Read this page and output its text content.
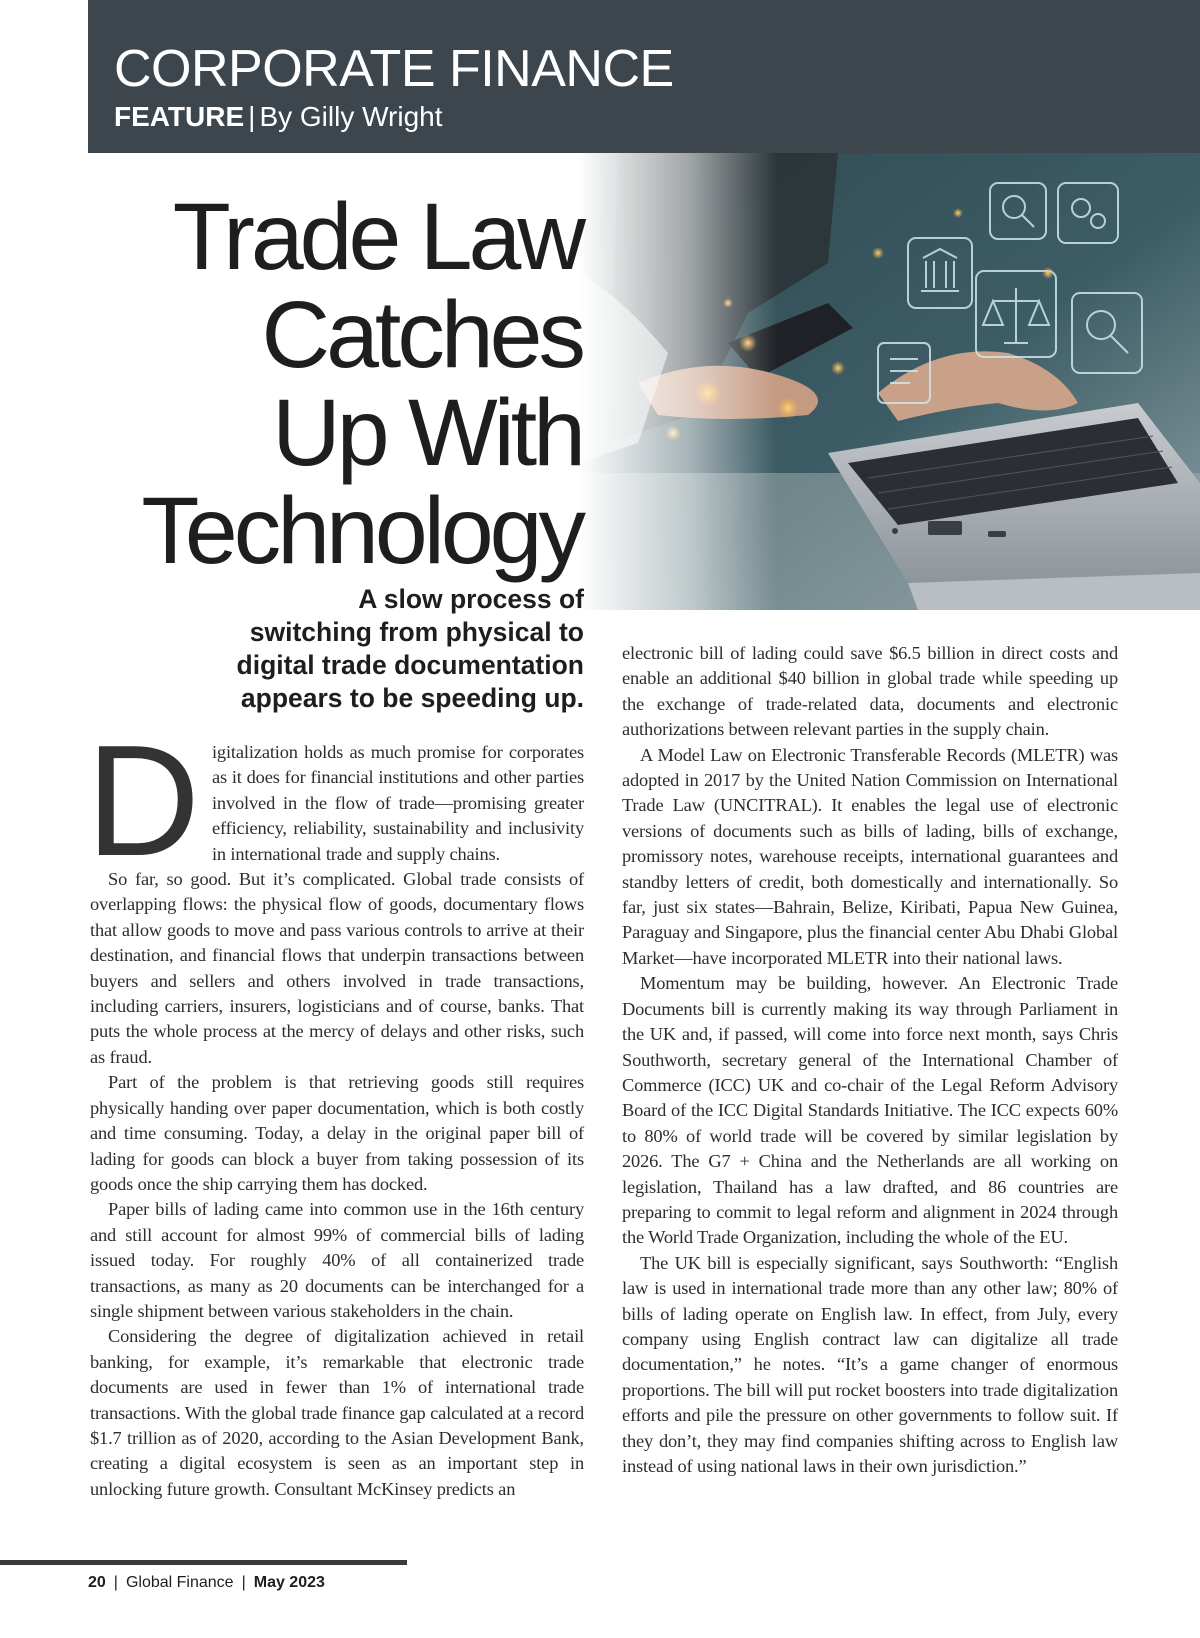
CORPORATE FINANCE
FEATURE | By Gilly Wright
Trade Law
Catches
Up With
Technology

A slow process of
switching from physical to
digital trade documentation
appears to be speeding up.

D igitalization holds as much promise for corporates as it does for financial institutions and other parties involved in the flow of trade—promising greater efficiency, reliability, sustainability and inclusivity in international trade and supply chains.

So far, so good. But it’s complicated. Global trade consists of overlapping flows: the physical flow of goods, documentary flows that allow goods to move and pass various controls to arrive at their destination, and financial flows that underpin transactions between buyers and sellers and others involved in trade transactions, including carriers, insurers, logisticians and of course, banks. That puts the whole process at the mercy of delays and other risks, such as fraud.

Part of the problem is that retrieving goods still requires physically handing over paper documentation, which is both costly and time consuming. Today, a delay in the original paper bill of lading for goods can block a buyer from taking possession of its goods once the ship carrying them has docked.

Paper bills of lading came into common use in the 16th century and still account for almost 99% of commercial bills of lading issued today. For roughly 40% of all containerized trade transactions, as many as 20 documents can be interchanged for a single shipment between various stakeholders in the chain.

Considering the degree of digitalization achieved in retail banking, for example, it’s remarkable that electronic trade documents are used in fewer than 1% of international trade transactions. With the global trade finance gap calculated at a record $1.7 trillion as of 2020, according to the Asian Development Bank, creating a digital ecosystem is seen as an important step in unlocking future growth. Consultant McKinsey predicts an

electronic bill of lading could save $6.5 billion in direct costs and enable an additional $40 billion in global trade while speeding up the exchange of trade-related data, documents and electronic authorizations between relevant parties in the supply chain.

A Model Law on Electronic Transferable Records (MLETR) was adopted in 2017 by the United Nation Commission on International Trade Law (UNCITRAL). It enables the legal use of electronic versions of documents such as bills of lading, bills of exchange, promissory notes, warehouse receipts, international guarantees and standby letters of credit, both domestically and internationally. So far, just six states—Bahrain, Belize, Kiribati, Papua New Guinea, Paraguay and Singapore, plus the financial center Abu Dhabi Global Market—have incorporated MLETR into their national laws.

Momentum may be building, however. An Electronic Trade Documents bill is currently making its way through Parliament in the UK and, if passed, will come into force next month, says Chris Southworth, secretary general of the International Chamber of Commerce (ICC) UK and co-chair of the Legal Reform Advisory Board of the ICC Digital Standards Initiative. The ICC expects 60% to 80% of world trade will be covered by similar legislation by 2026. The G7 + China and the Netherlands are all working on legislation, Thailand has a law drafted, and 86 countries are preparing to commit to legal reform and alignment in 2024 through the World Trade Organization, including the whole of the EU.

The UK bill is especially significant, says Southworth: “English law is used in international trade more than any other law; 80% of bills of lading operate on English law. In effect, from July, every company using English contract law can digitalize all trade documentation,” he notes. “It’s a game changer of enormous proportions. The bill will put rocket boosters into trade digitalization efforts and pile the pressure on other governments to follow suit. If they don’t, they may find companies shifting across to English law instead of using national laws in their own jurisdiction.”

20 | Global Finance | May 2023
